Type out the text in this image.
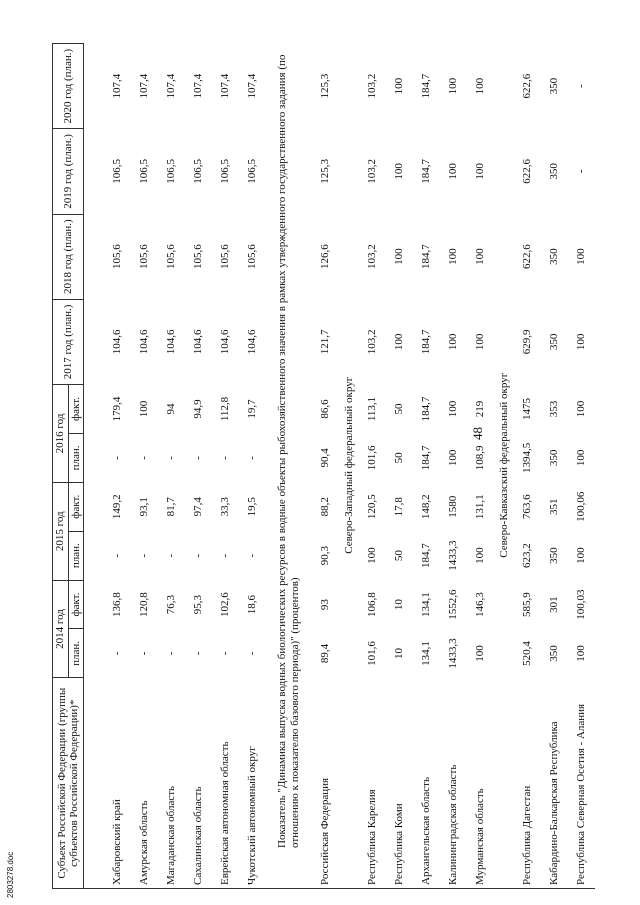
48
2803278.doc	Субъект Российской Федерации (группы субъектов Российской Федерации)*	2014 год		2015 год		2016 год		2017 год (план.)	2018 год (план.)	2019 год (план.)	2020 год (план.)
	план.	факт.	план.	факт.	план.	факт.				

Хабаровский край	-	136,8	-	149,2	-	179,4	104,6	105,6	106,5	107,4
Амурская область	-	120,8	-	93,1	-	100	104,6	105,6	106,5	107,4
Магаданская область	-	76,3	-	81,7	-	94	104,6	105,6	106,5	107,4
Сахалинская область	-	95,3	-	97,4	-	94,9	104,6	105,6	106,5	107,4
Еврейская автономная область	-	102,6	-	33,3	-	112,8	104,6	105,6	106,5	107,4
Чукотский автономный округ	-	18,6	-	19,5	-	19,7	104,6	105,6	106,5	107,4
Показатель "Динамика выпуска водных биологических ресурсов в водные объекты рыбохозяйственного значения в рамках утвержденного государственного задания (по отношению к показателю базового периода)" (процентов)										
Российская Федерация	89,4	93	90,3	88,2	90,4	86,6	121,7	126,6	125,3	125,3
Северо-Западный федеральный округ										
Республика Карелия	101,6	106,8	100	120,5	101,6	113,1	103,2	103,2	103,2	103,2
Республика Коми	10	10	50	17,8	50	50	100	100	100	100
Архангельская область	134,1	134,1	184,7	148,2	184,7	184,7	184,7	184,7	184,7	184,7
Калининградская область	1433,3	1552,6	1433,3	1580	100	100	100	100	100	100
Мурманская область	100	146,3	100	131,1	108,9	219	100	100	100	100
Северо-Кавказский федеральный округ										
Республика Дагестан	520,4	585,9	623,2	763,6	1394,5	1475	629,9	622,6	622,6	622,6
Кабардино-Балкарская Республика	350	301	350	351	350	353	350	350	350	350
Республика Северная Осетия - Алания	100	100,03	100	100,06	100	100	100	100	-	-
